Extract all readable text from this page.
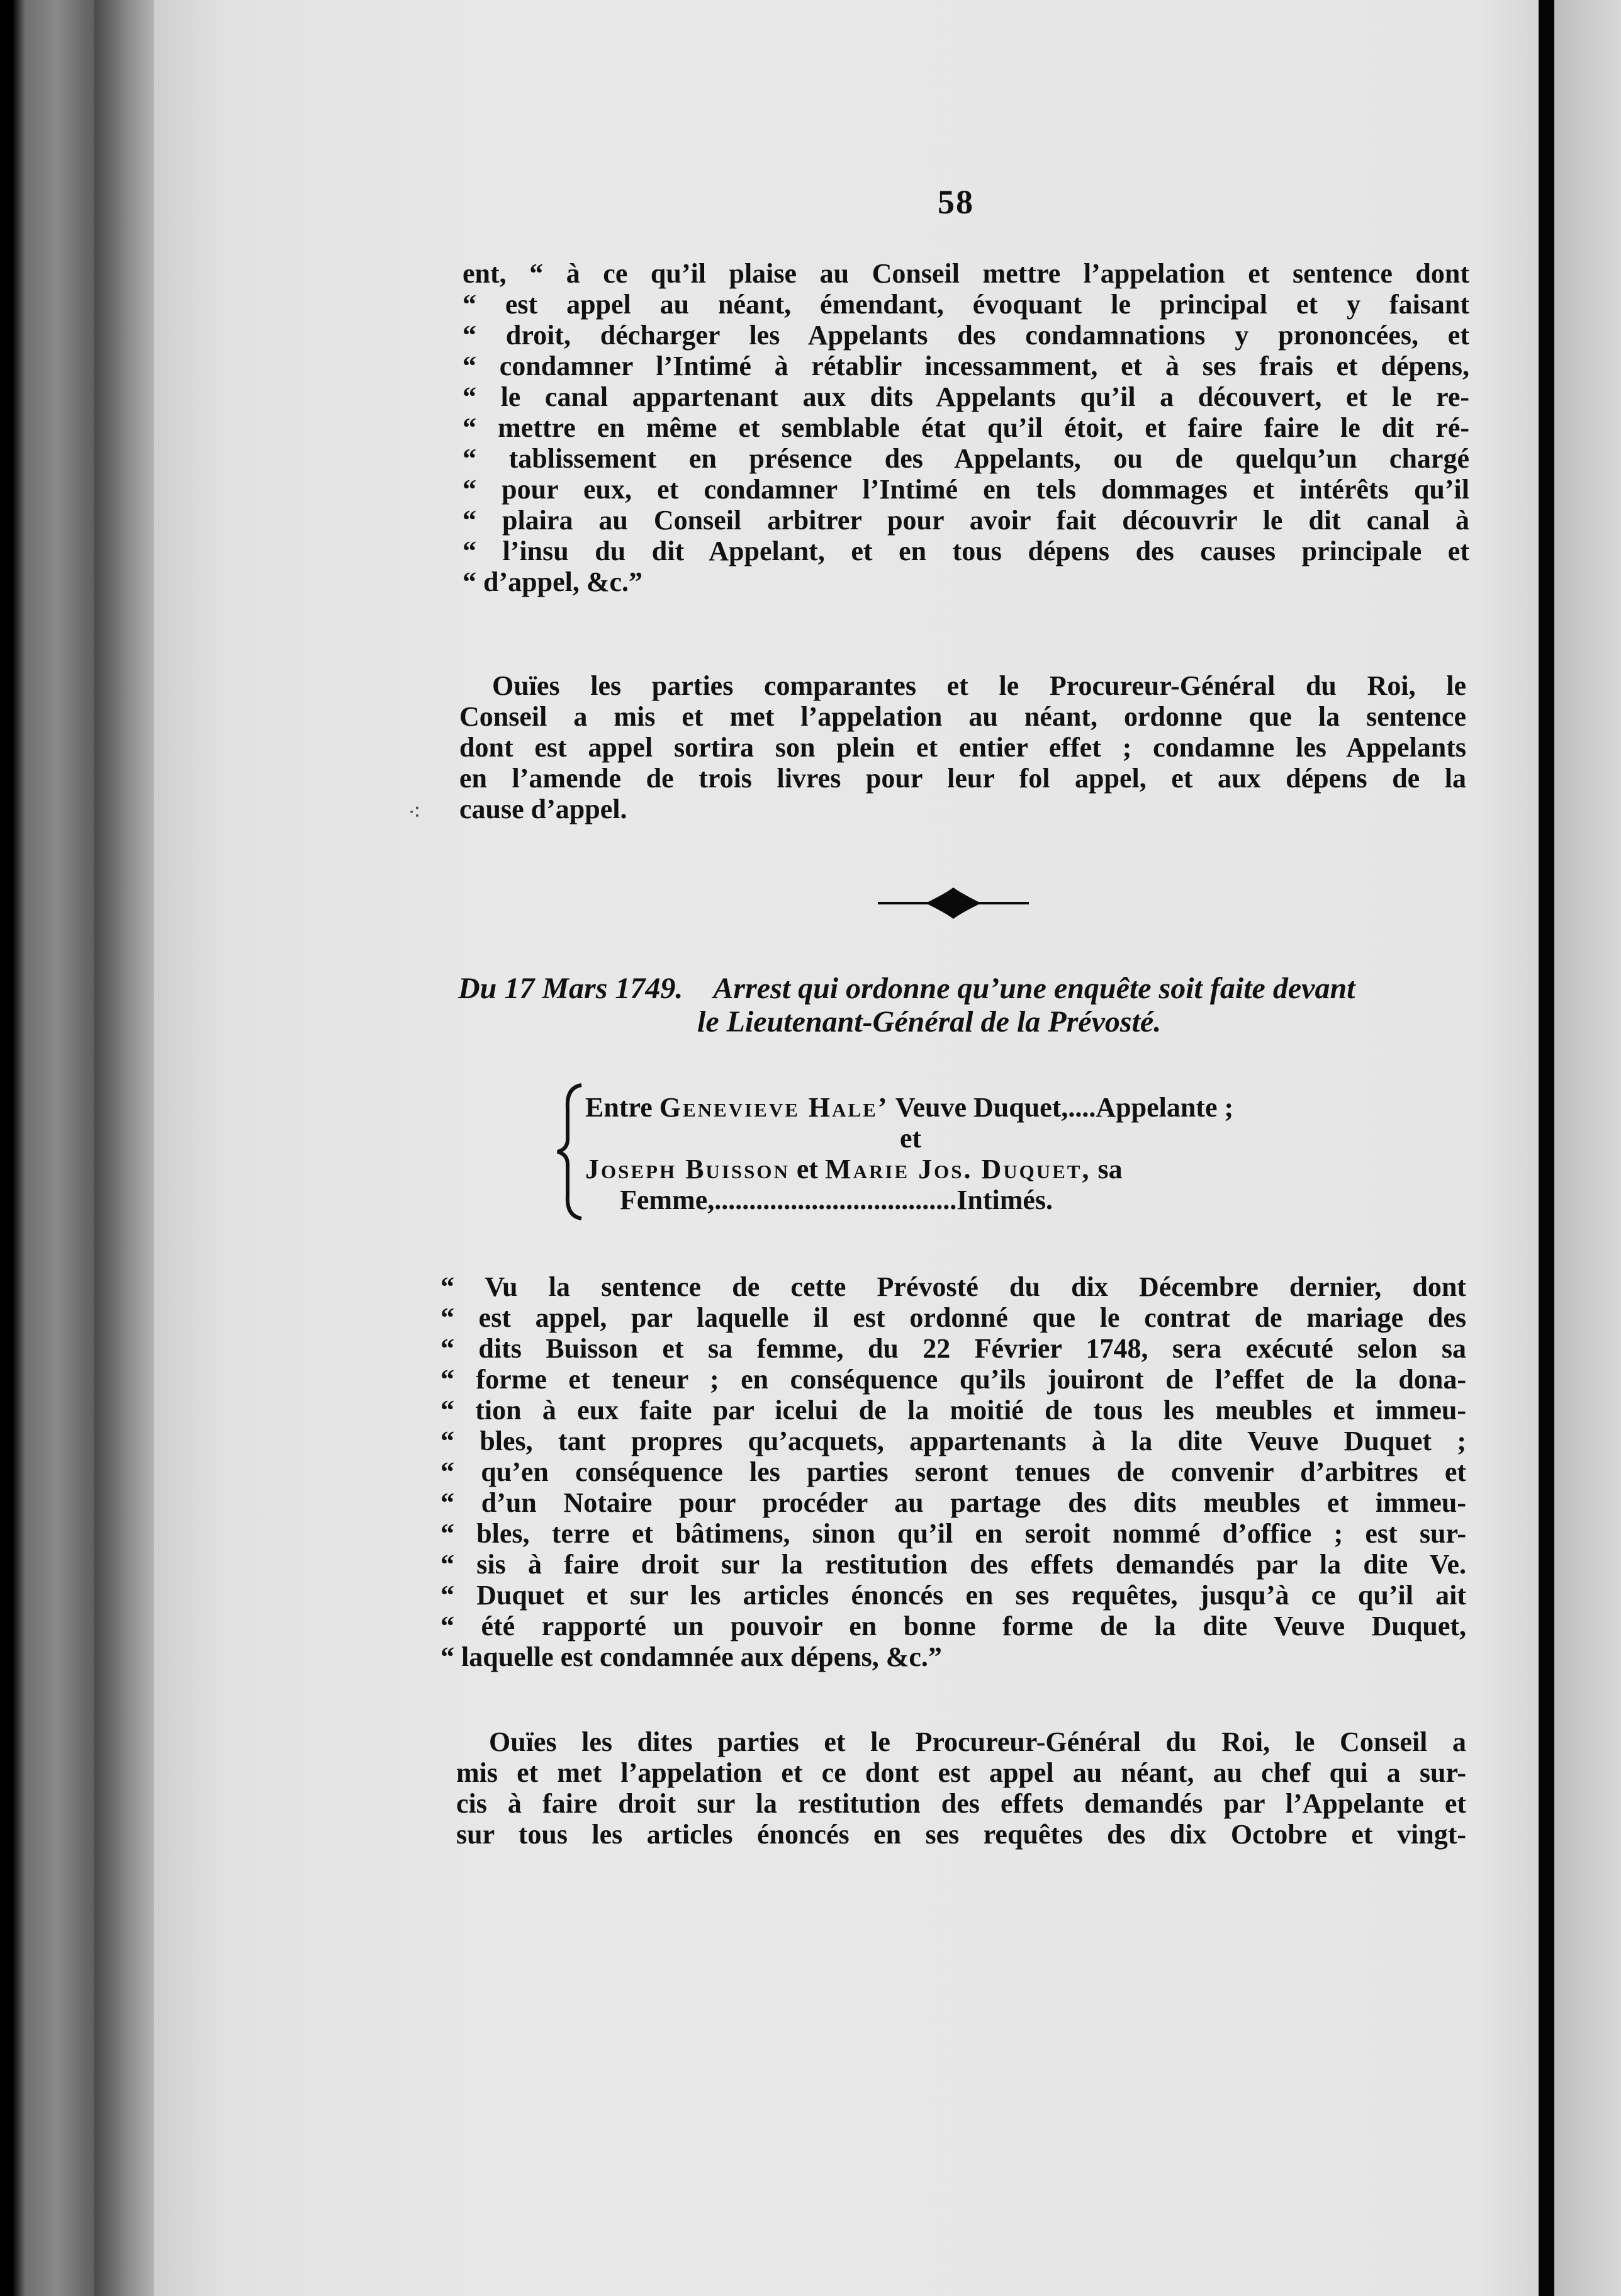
58
ent, “ à ce qu’il plaise au Conseil mettre l’appelation et sentence dont
“ est appel au néant, émendant, évoquant le principal et y faisant
“ droit, décharger les Appelants des condamnations y prononcées, et
“ condamner l’Intimé à rétablir incessamment, et à ses frais et dépens,
“ le canal appartenant aux dits Appelants qu’il a découvert, et le re-
“ mettre en même et semblable état qu’il étoit, et faire faire le dit ré-
“ tablissement en présence des Appelants, ou de quelqu’un chargé
“ pour eux, et condamner l’Intimé en tels dommages et intérêts qu’il
“ plaira au Conseil arbitrer pour avoir fait découvrir le dit canal à
“ l’insu du dit Appelant, et en tous dépens des causes principale et
“ d’appel, &c.”
Ouïes les parties comparantes et le Procureur-Général du Roi, le
Conseil a mis et met l’appelation au néant, ordonne que la sentence
dont est appel sortira son plein et entier effet ; condamne les Appelants
en l’amende de trois livres pour leur fol appel, et aux dépens de la
cause d’appel.
⁖
Du 17 Mars 1749. Arrest qui ordonne qu’une enquête soit faite devant
le Lieutenant-Général de la Prévosté.
Entre Genevieve Hale’ Veuve Duquet,....Appelante ;
et
Joseph Buisson et Marie Jos. Duquet, sa
Femme,...................................Intimés.
“ Vu la sentence de cette Prévosté du dix Décembre dernier, dont
“ est appel, par laquelle il est ordonné que le contrat de mariage des
“ dits Buisson et sa femme, du 22 Février 1748, sera exécuté selon sa
“ forme et teneur ; en conséquence qu’ils jouiront de l’effet de la dona-
“ tion à eux faite par icelui de la moitié de tous les meubles et immeu-
“ bles, tant propres qu’acquets, appartenants à la dite Veuve Duquet ;
“ qu’en conséquence les parties seront tenues de convenir d’arbitres et
“ d’un Notaire pour procéder au partage des dits meubles et immeu-
“ bles, terre et bâtimens, sinon qu’il en seroit nommé d’office ; est sur-
“ sis à faire droit sur la restitution des effets demandés par la dite Ve.
“ Duquet et sur les articles énoncés en ses requêtes, jusqu’à ce qu’il ait
“ été rapporté un pouvoir en bonne forme de la dite Veuve Duquet,
“ laquelle est condamnée aux dépens, &c.”
Ouïes les dites parties et le Procureur-Général du Roi, le Conseil a
mis et met l’appelation et ce dont est appel au néant, au chef qui a sur-
cis à faire droit sur la restitution des effets demandés par l’Appelante et
sur tous les articles énoncés en ses requêtes des dix Octobre et vingt-
